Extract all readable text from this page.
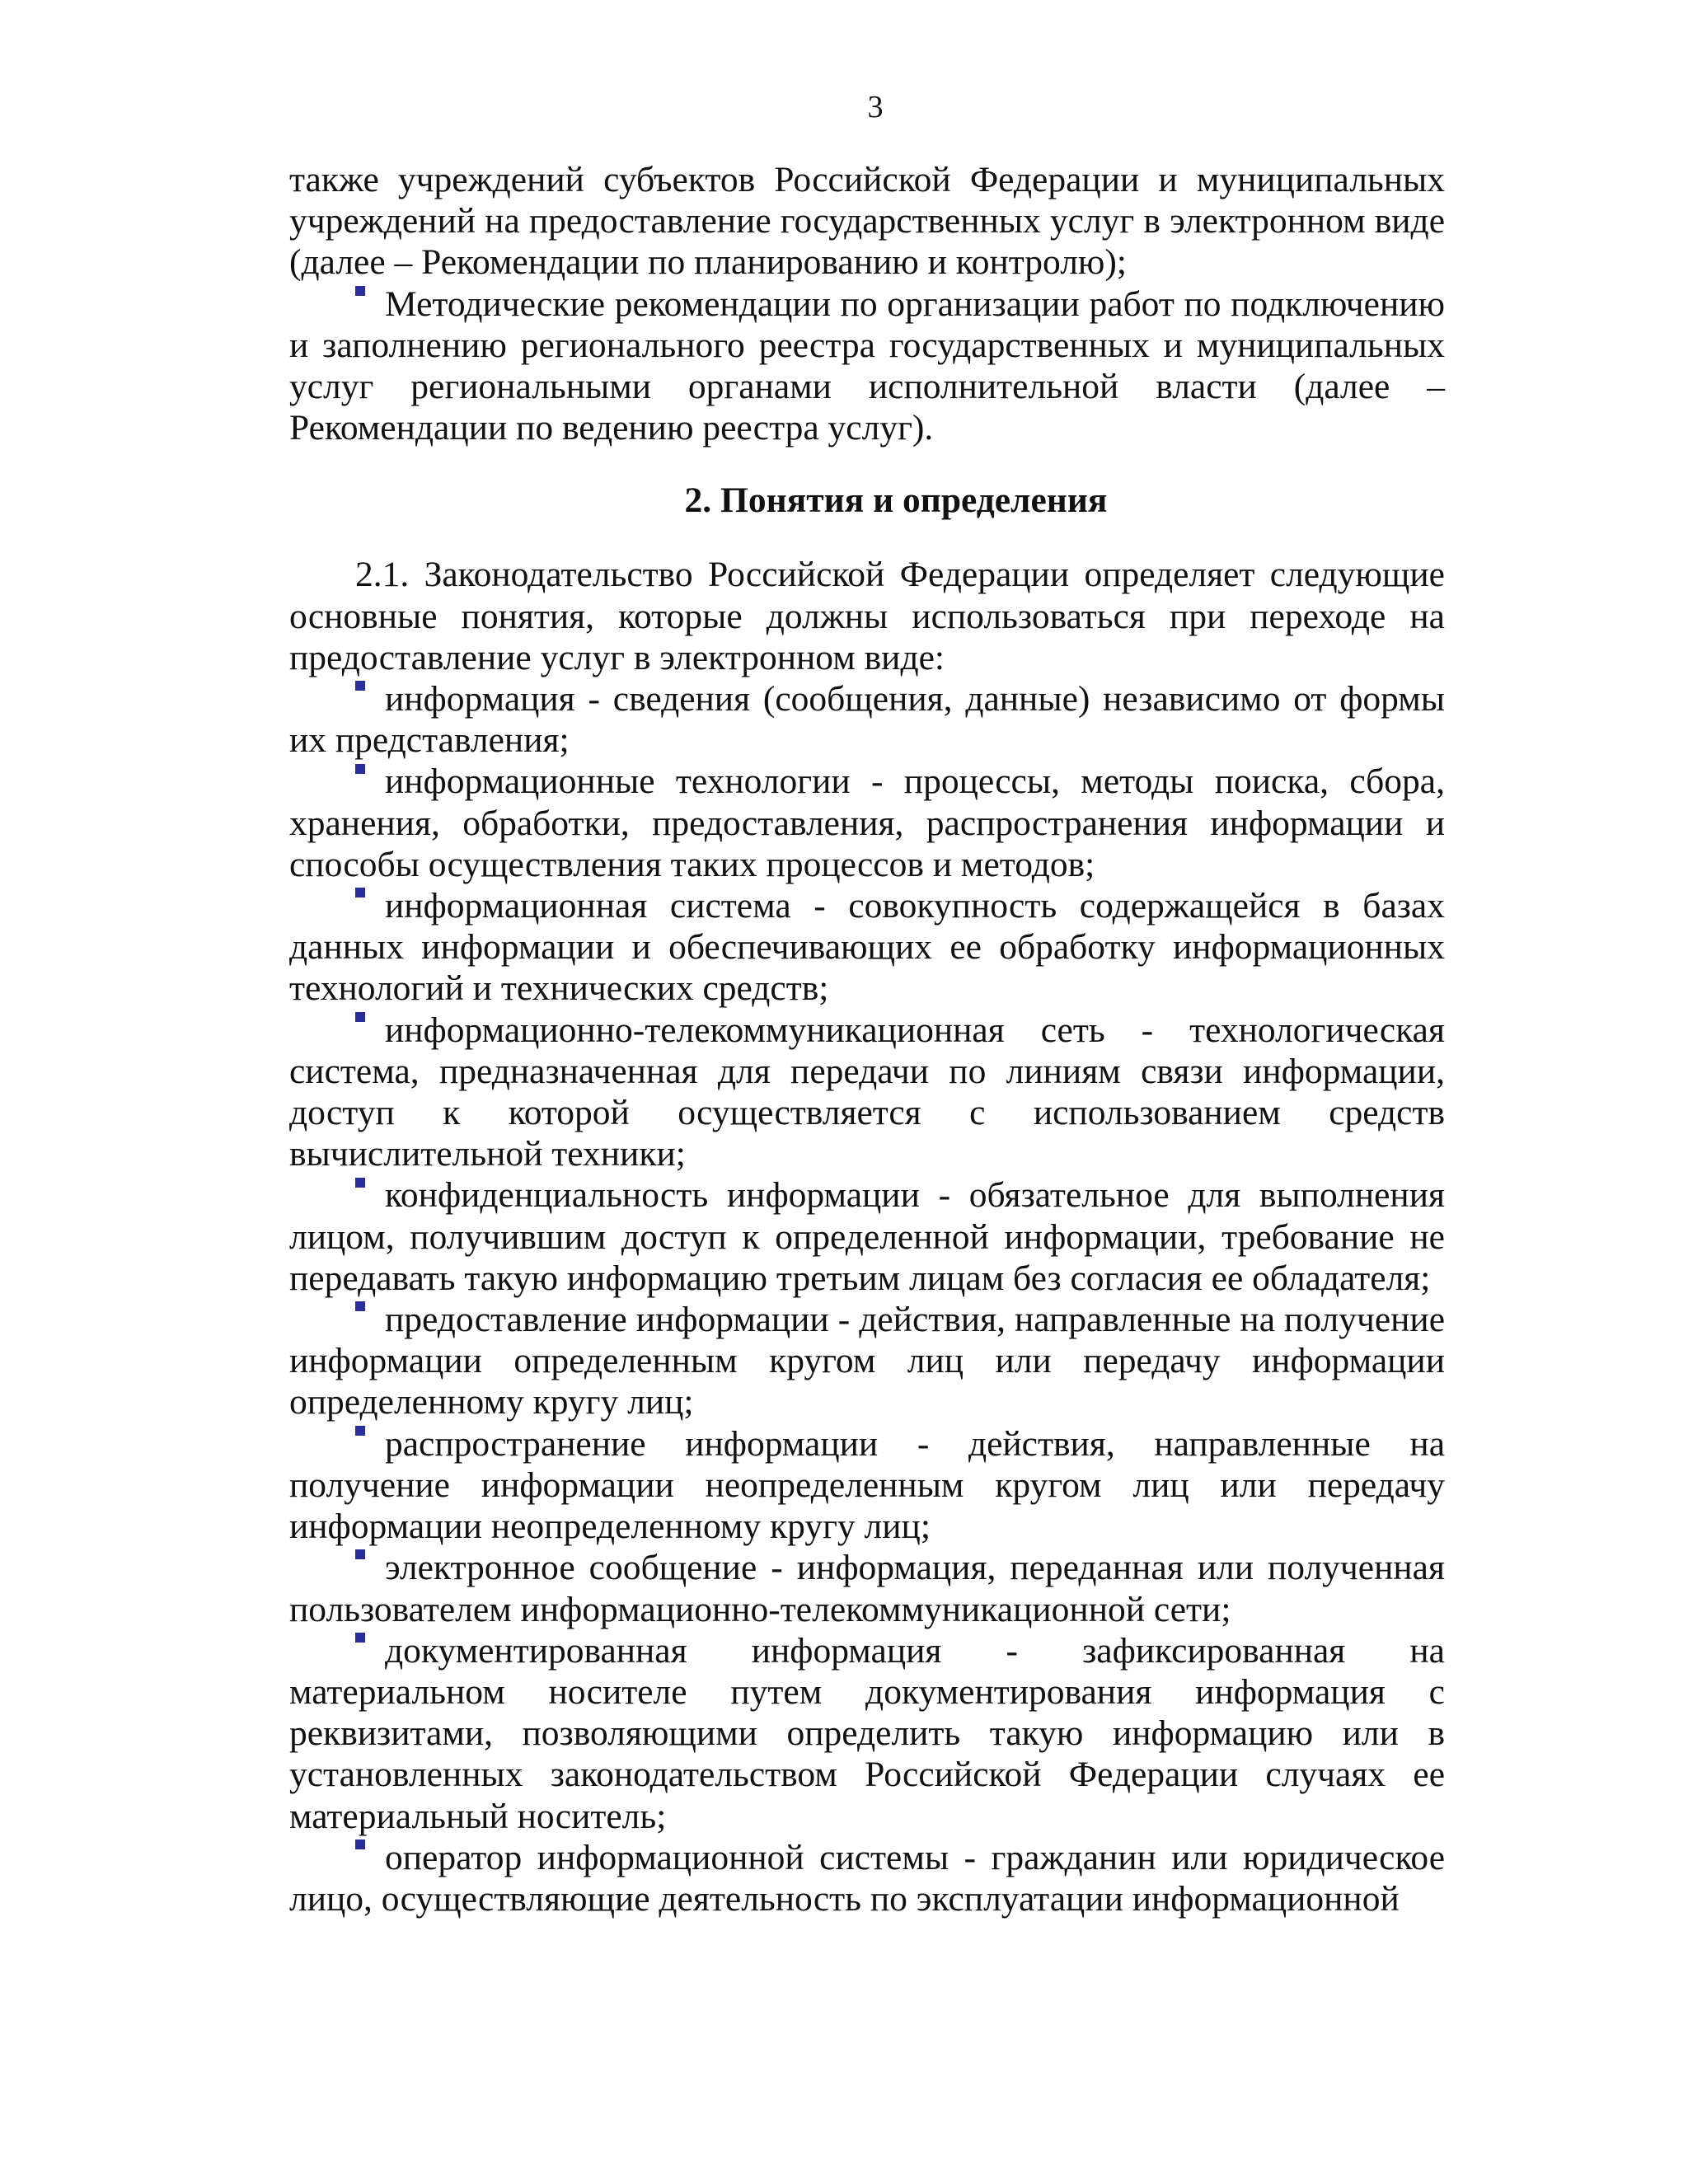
3

также учреждений субъектов Российской Федерации и муниципальных учреждений на предоставление государственных услуг в электронном виде (далее – Рекомендации по планированию и контролю);

Методические рекомендации по организации работ по подключению и заполнению регионального реестра государственных и муниципальных услуг региональными органами исполнительной власти (далее – Рекомендации по ведению реестра услуг).

2. Понятия и определения

2.1. Законодательство Российской Федерации определяет следующие основные понятия, которые должны использоваться при переходе на предоставление услуг в электронном виде:

информация - сведения (сообщения, данные) независимо от формы их представления;

информационные технологии - процессы, методы поиска, сбора, хранения, обработки, предоставления, распространения информации и способы осуществления таких процессов и методов;

информационная система - совокупность содержащейся в базах данных информации и обеспечивающих ее обработку информационных технологий и технических средств;

информационно-телекоммуникационная сеть - технологическая система, предназначенная для передачи по линиям связи информации, доступ к которой осуществляется с использованием средств вычислительной техники;

конфиденциальность информации - обязательное для выполнения лицом, получившим доступ к определенной информации, требование не передавать такую информацию третьим лицам без согласия ее обладателя;

предоставление информации - действия, направленные на получение информации определенным кругом лиц или передачу информации определенному кругу лиц;

распространение информации - действия, направленные на получение информации неопределенным кругом лиц или передачу информации неопределенному кругу лиц;

электронное сообщение - информация, переданная или полученная пользователем информационно-телекоммуникационной сети;

документированная информация - зафиксированная на материальном носителе путем документирования информация с реквизитами, позволяющими определить такую информацию или в установленных законодательством Российской Федерации случаях ее материальный носитель;

оператор информационной системы - гражданин или юридическое лицо, осуществляющие деятельность по эксплуатации информационной
